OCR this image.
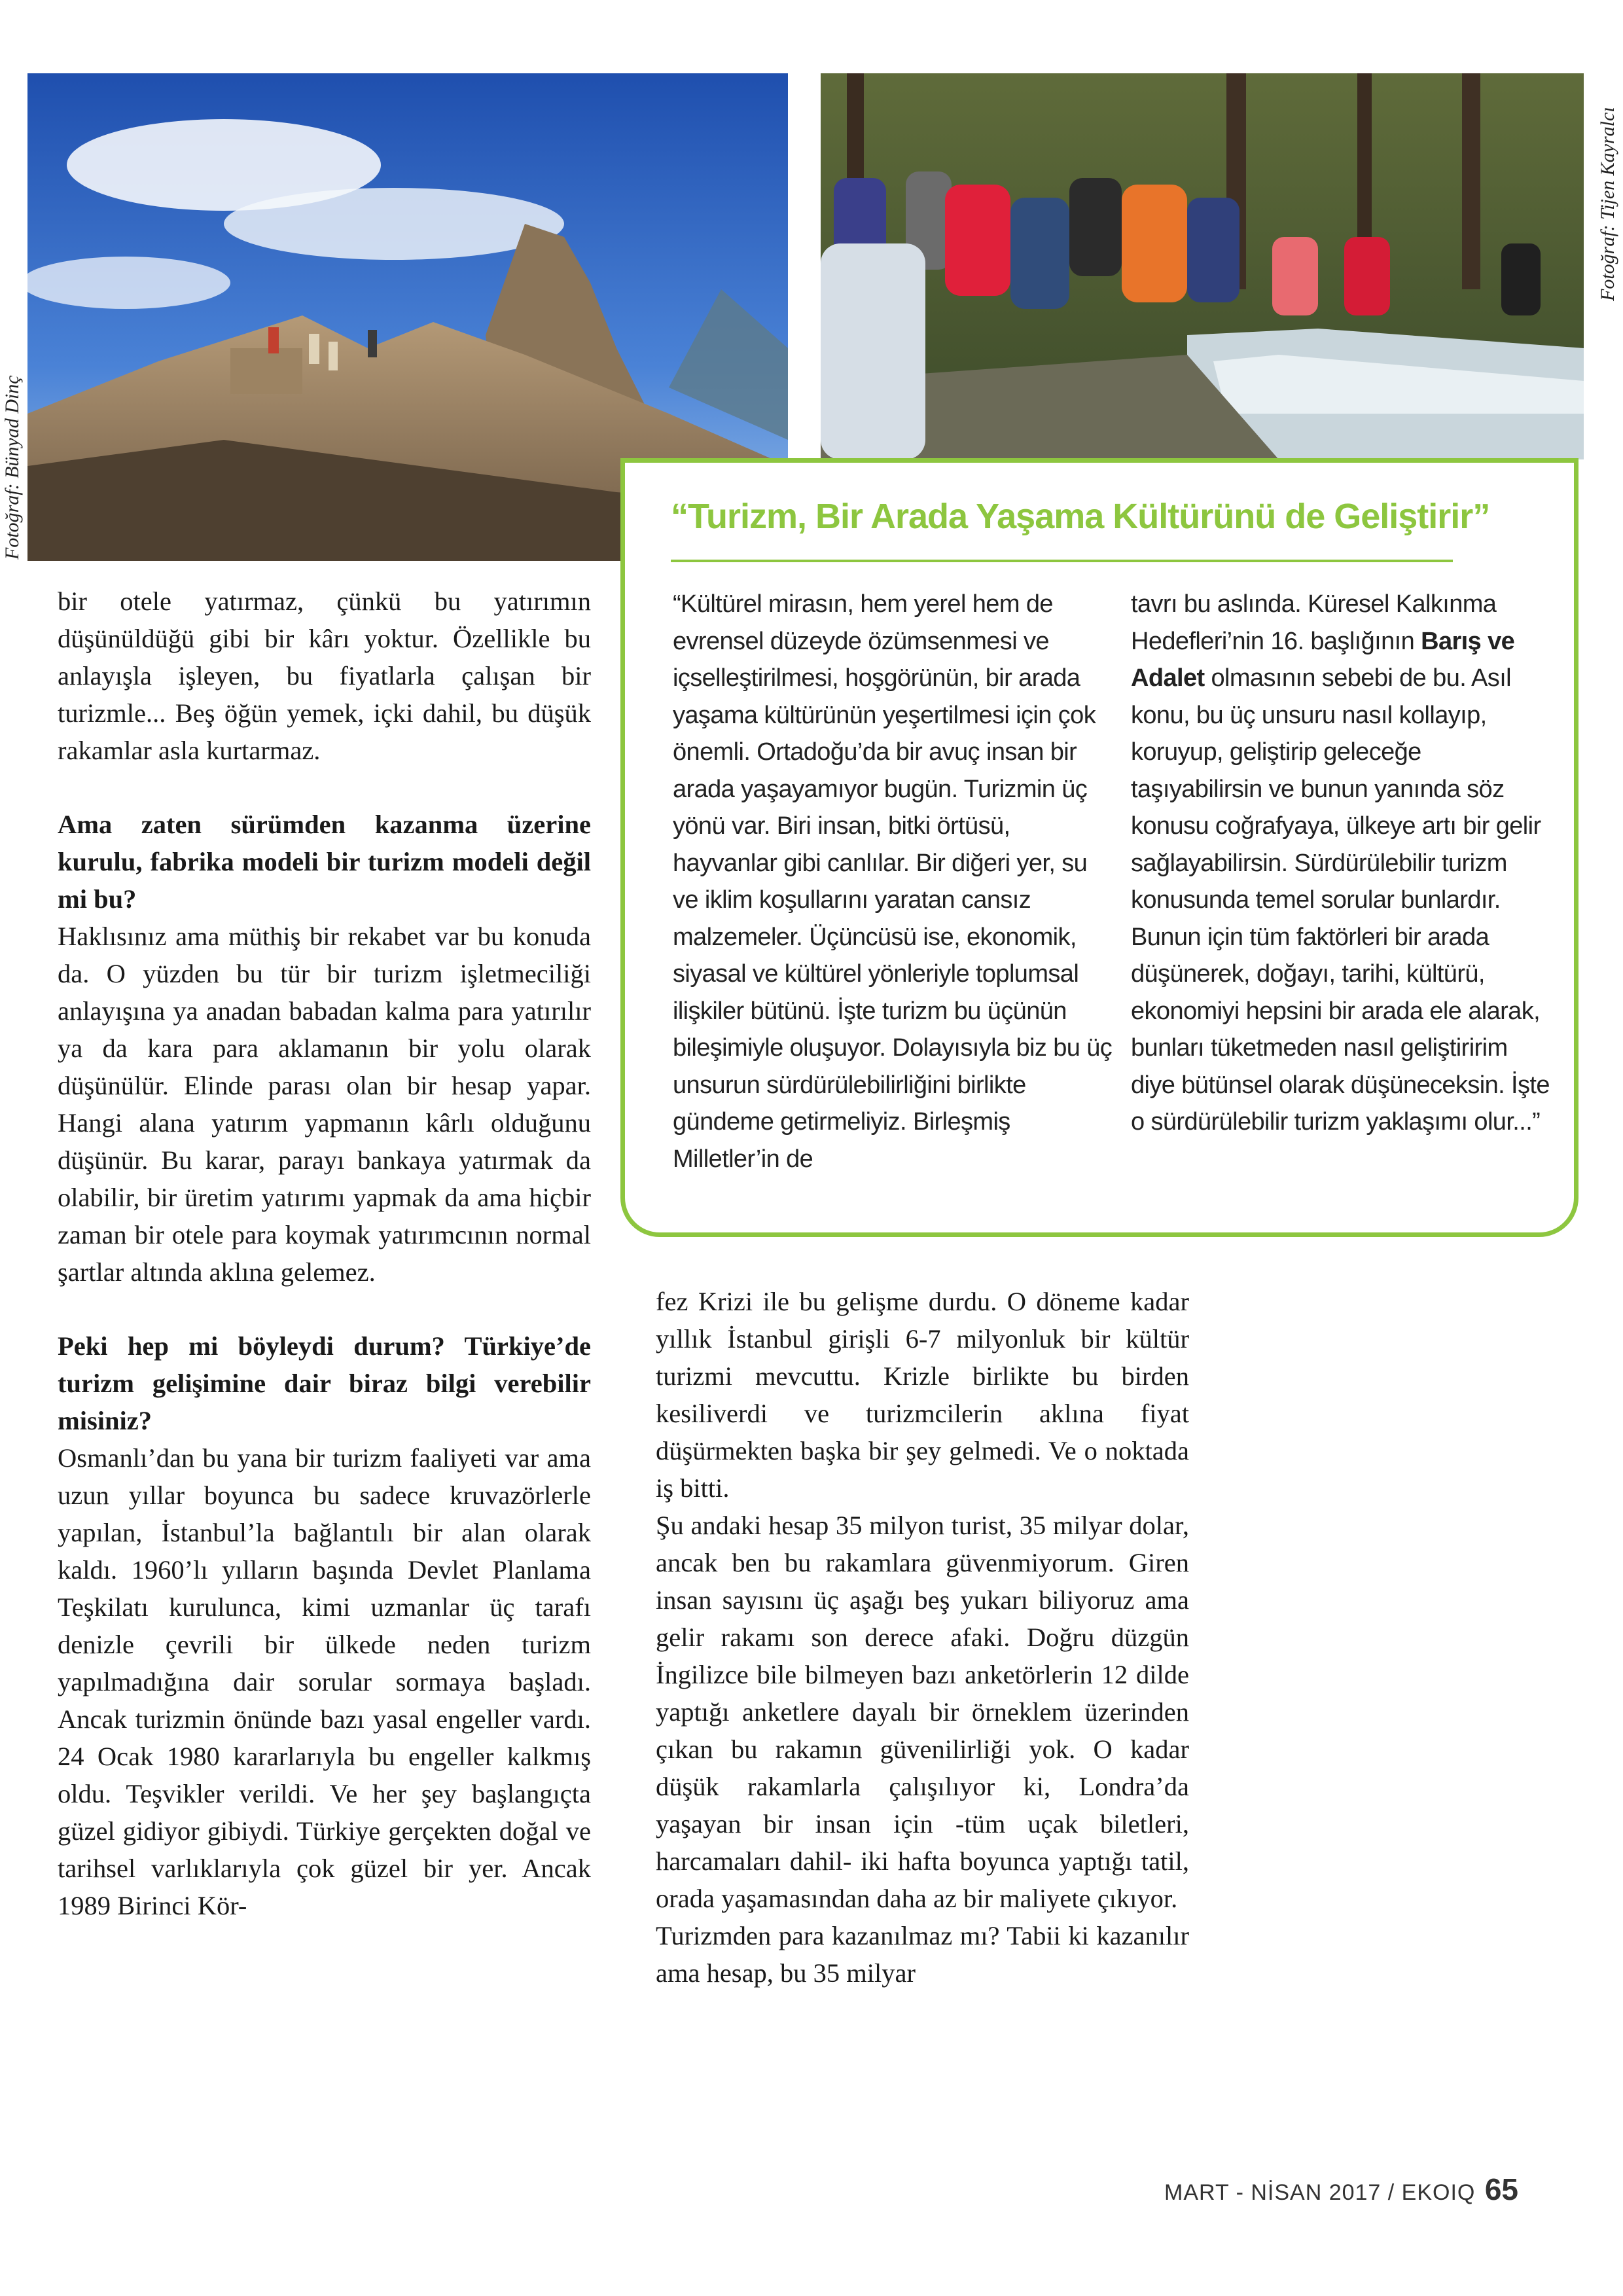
Fotoğraf: Bünyad Dinç
Fotoğraf: Tijen Kayralcı

bir otele yatırmaz, çünkü bu yatırımın düşünüldüğü gibi bir kârı yoktur. Özellikle bu anlayışla işleyen, bu fiyatlarla çalışan bir turizmle... Beş öğün yemek, içki dahil, bu düşük rakamlar asla kurtarmaz.

Ama zaten sürümden kazanma üzerine kurulu, fabrika modeli bir turizm modeli değil mi bu?

Haklısınız ama müthiş bir rekabet var bu konuda da. O yüzden bu tür bir turizm işletmeciliği anlayışına ya anadan babadan kalma para yatırılır ya da kara para aklamanın bir yolu olarak düşünülür. Elinde parası olan bir hesap yapar. Hangi alana yatırım yapmanın kârlı olduğunu düşünür. Bu karar, parayı bankaya yatırmak da olabilir, bir üretim yatırımı yapmak da ama hiçbir zaman bir otele para koymak yatırımcının normal şartlar altında aklına gelemez.

Peki hep mi böyleydi durum? Türkiye’de turizm gelişimine dair biraz bilgi verebilir misiniz?

Osmanlı’dan bu yana bir turizm faaliyeti var ama uzun yıllar boyunca bu sadece kruvazörlerle yapılan, İstanbul’la bağlantılı bir alan olarak kaldı. 1960’lı yılların başında Devlet Planlama Teşkilatı kurulunca, kimi uzmanlar üç tarafı denizle çevrili bir ülkede neden turizm yapılmadığına dair sorular sormaya başladı. Ancak turizmin önünde bazı yasal engeller vardı. 24 Ocak 1980 kararlarıyla bu engeller kalkmış oldu. Teşvikler verildi. Ve her şey başlangıçta güzel gidiyor gibiydi. Türkiye gerçekten doğal ve tarihsel varlıklarıyla çok güzel bir yer. Ancak 1989 Birinci Kör-

“Turizm, Bir Arada Yaşama Kültürünü de Geliştirir”

“Kültürel mirasın, hem yerel hem de evrensel düzeyde özümsenmesi ve içselleştirilmesi, hoşgörünün, bir arada yaşama kültürünün yeşertilmesi için çok önemli. Ortadoğu’da bir avuç insan bir arada yaşayamıyor bugün. Turizmin üç yönü var. Biri insan, bitki örtüsü, hayvanlar gibi canlılar. Bir diğeri yer, su ve iklim koşullarını yaratan cansız malzemeler. Üçüncüsü ise, ekonomik, siyasal ve kültürel yönleriyle toplumsal ilişkiler bütünü. İşte turizm bu üçünün bileşimiyle oluşuyor. Dolayısıyla biz bu üç unsurun sürdürülebilirliğini birlikte gündeme getirmeliyiz. Birleşmiş Milletler’in de

tavrı bu aslında. Küresel Kalkınma Hedefleri’nin 16. başlığının Barış ve Adalet olmasının sebebi de bu. Asıl konu, bu üç unsuru nasıl kollayıp, koruyup, geliştirip geleceğe taşıyabilirsin ve bunun yanında söz konusu coğrafyaya, ülkeye artı bir gelir sağlayabilirsin. Sürdürülebilir turizm konusunda temel sorular bunlardır.

Bunun için tüm faktörleri bir arada düşünerek, doğayı, tarihi, kültürü, ekonomiyi hepsini bir arada ele alarak, bunları tüketmeden nasıl geliştiririm diye bütünsel olarak düşüneceksin. İşte o sürdürülebilir turizm yaklaşımı olur...”

fez Krizi ile bu gelişme durdu. O döneme kadar yıllık İstanbul girişli 6-7 milyonluk bir kültür turizmi mevcuttu. Krizle birlikte bu birden kesiliverdi ve turizmcilerin aklına fiyat düşürmekten başka bir şey gelmedi. Ve o noktada iş bitti.

Şu andaki hesap 35 milyon turist, 35 milyar dolar, ancak ben bu rakamlara güvenmiyorum. Giren insan sayısını üç aşağı beş yukarı biliyoruz ama gelir rakamı son derece afaki. Doğru düzgün İngilizce bile bilmeyen bazı anketörlerin 12 dilde yaptığı anketlere dayalı bir örneklem üzerinden çıkan bu rakamın güvenilirliği yok. O kadar düşük rakamlarla çalışılıyor ki, Londra’da yaşayan bir insan için -tüm uçak biletleri, harcamaları dahil- iki hafta boyunca yaptığı tatil, orada yaşamasından daha az bir maliyete çıkıyor.

Turizmden para kazanılmaz mı? Tabii ki kazanılır ama hesap, bu 35 milyar

MART - NİSAN 2017 / EKOIQ 65
